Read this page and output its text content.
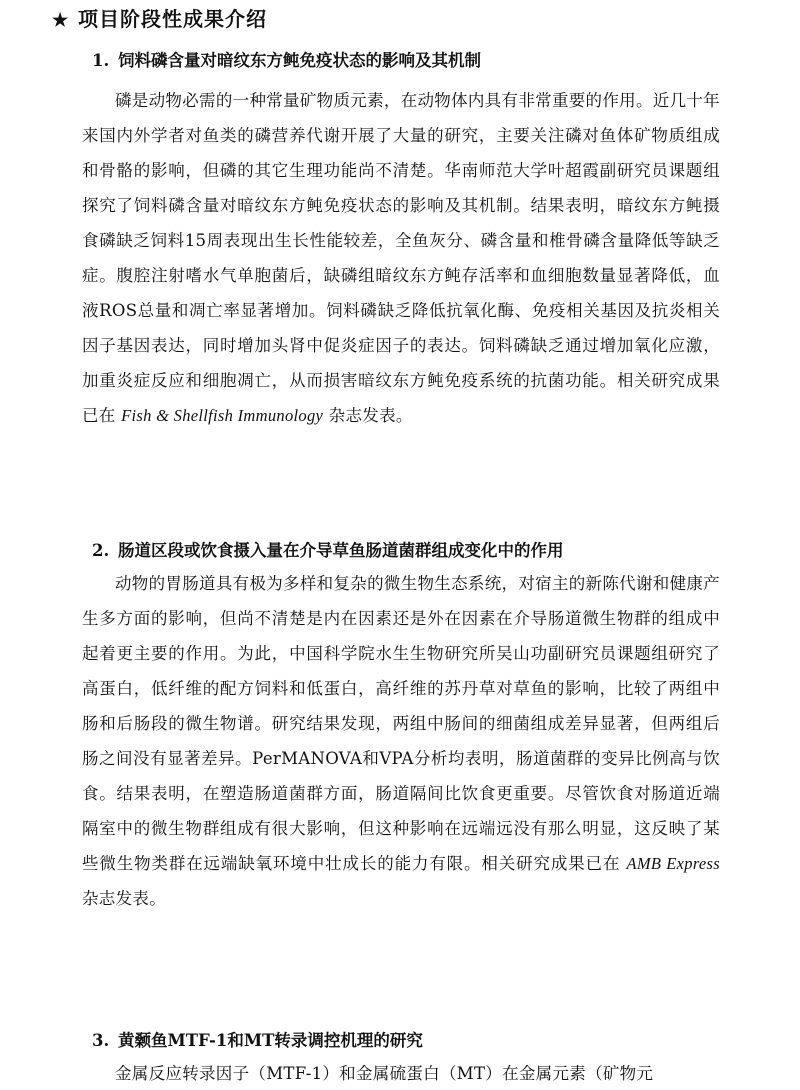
★ 项目阶段性成果介绍
1. 饲料磷含量对暗纹东方鲀免疫状态的影响及其机制

磷是动物必需的一种常量矿物质元素，在动物体内具有非常重要的作用。近几十年来国内外学者对鱼类的磷营养代谢开展了大量的研究，主要关注磷对鱼体矿物质组成和骨骼的影响，但磷的其它生理功能尚不清楚。华南师范大学叶超霞副研究员课题组探究了饲料磷含量对暗纹东方鲀免疫状态的影响及其机制。结果表明，暗纹东方鲀摄食磷缺乏饲料15周表现出生长性能较差，全鱼灰分、磷含量和椎骨磷含量降低等缺乏症。腹腔注射嗜水气单胞菌后，缺磷组暗纹东方鲀存活率和血细胞数量显著降低，血液ROS总量和凋亡率显著增加。饲料磷缺乏降低抗氧化酶、免疫相关基因及抗炎相关因子基因表达，同时增加头肾中促炎症因子的表达。饲料磷缺乏通过增加氧化应激，加重炎症反应和细胞凋亡，从而损害暗纹东方鲀免疫系统的抗菌功能。相关研究成果已在 Fish & Shellfish Immunology 杂志发表。

2. 肠道区段或饮食摄入量在介导草鱼肠道菌群组成变化中的作用

动物的胃肠道具有极为多样和复杂的微生物生态系统，对宿主的新陈代谢和健康产生多方面的影响，但尚不清楚是内在因素还是外在因素在介导肠道微生物群的组成中起着更主要的作用。为此，中国科学院水生生物研究所吴山功副研究员课题组研究了高蛋白，低纤维的配方饲料和低蛋白，高纤维的苏丹草对草鱼的影响，比较了两组中肠和后肠段的微生物谱。研究结果发现，两组中肠间的细菌组成差异显著，但两组后肠之间没有显著差异。PerMANOVA和VPA分析均表明，肠道菌群的变异比例高与饮食。结果表明，在塑造肠道菌群方面，肠道隔间比饮食更重要。尽管饮食对肠道近端隔室中的微生物群组成有很大影响，但这种影响在远端远没有那么明显，这反映了某些微生物类群在远端缺氧环境中壮成长的能力有限。相关研究成果已在 AMB Express 杂志发表。

3. 黄颡鱼MTF-1和MT转录调控机理的研究

金属反应转录因子（MTF-1）和金属硫蛋白（MT）在金属元素（矿物元
